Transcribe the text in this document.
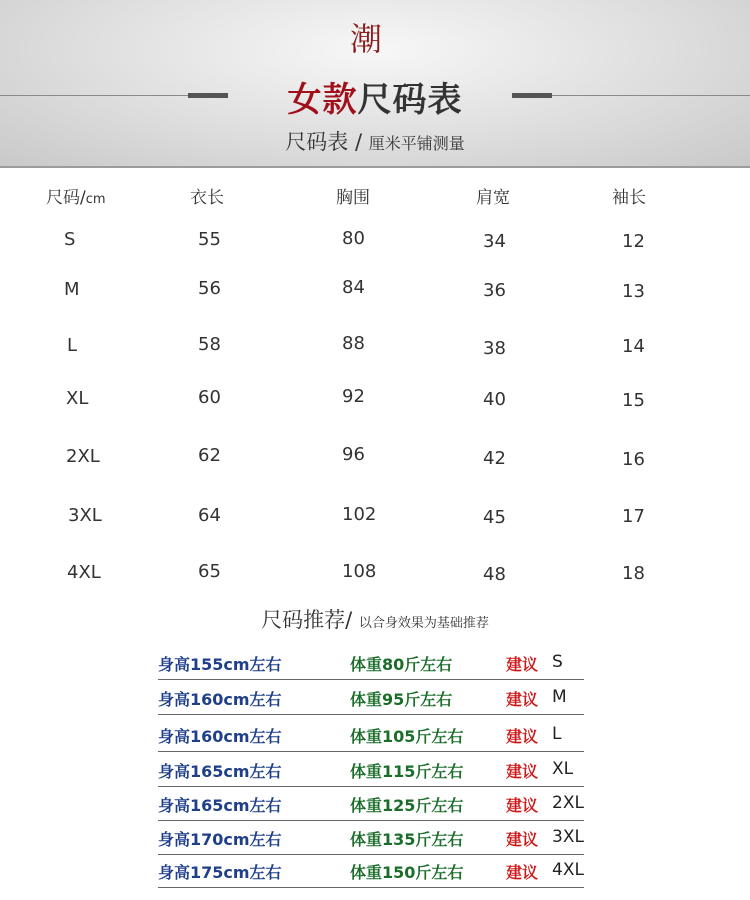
潮
女款尺码表
尺码表 / 厘米平铺测量
尺码/cm	衣长	胸围	肩宽	袖长
S	55	80	34	12
M	56	84	36	13
L	58	88	38	14
XL	60	92	40	15
2XL	62	96	42	16
3XL	64	102	45	17
4XL	65	108	48	18
尺码推荐/ 以合身效果为基础推荐
身高155cm左右	体重80斤左右	建议 S
身高160cm左右	体重95斤左右	建议 M
身高160cm左右	体重105斤左右	建议 L
身高165cm左右	体重115斤左右	建议 XL
身高165cm左右	体重125斤左右	建议 2XL
身高170cm左右	体重135斤左右	建议 3XL
身高175cm左右	体重150斤左右	建议 4XL
